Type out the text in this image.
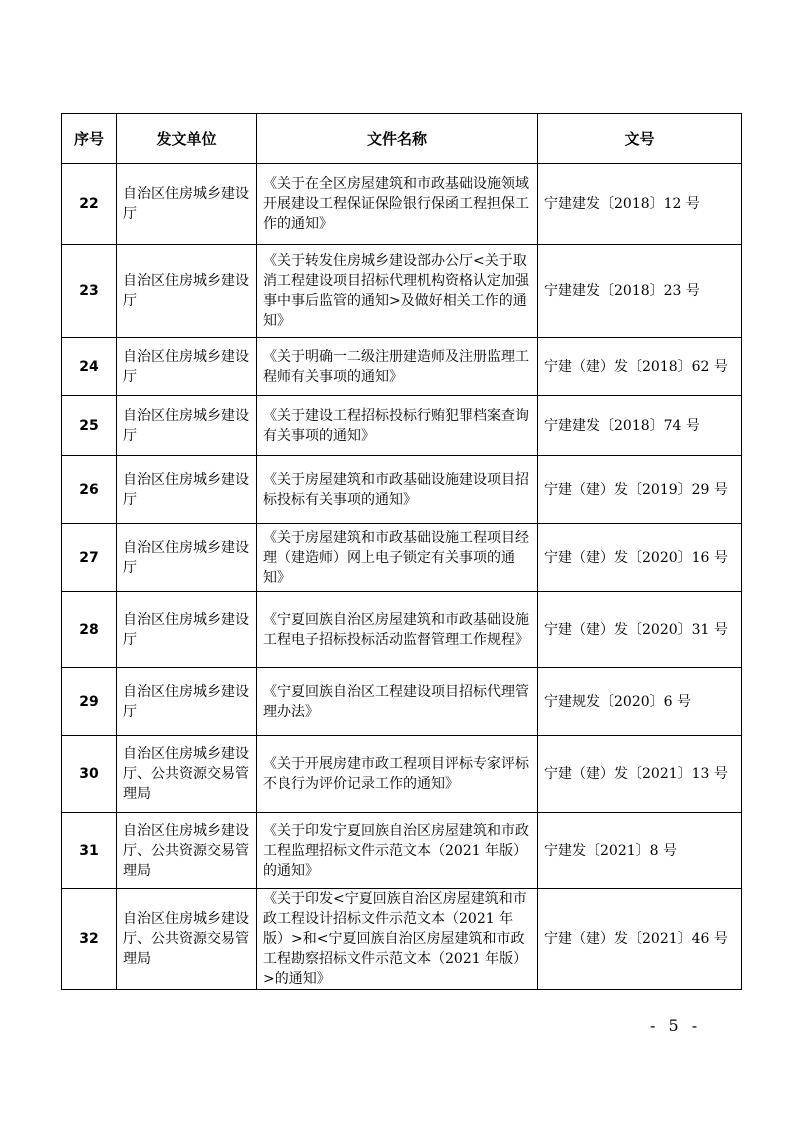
序号	发文单位	文件名称	文号
22	自治区住房城乡建设厅	《关于在全区房屋建筑和市政基础设施领域开展建设工程保证保险银行保函工程担保工作的通知》	宁建建发〔2018〕12 号
23	自治区住房城乡建设厅	《关于转发住房城乡建设部办公厅<关于取消工程建设项目招标代理机构资格认定加强事中事后监管的通知>及做好相关工作的通知》	宁建建发〔2018〕23 号
24	自治区住房城乡建设厅	《关于明确一二级注册建造师及注册监理工程师有关事项的通知》	宁建（建）发〔2018〕62 号
25	自治区住房城乡建设厅	《关于建设工程招标投标行贿犯罪档案查询有关事项的通知》	宁建建发〔2018〕74 号
26	自治区住房城乡建设厅	《关于房屋建筑和市政基础设施建设项目招标投标有关事项的通知》	宁建（建）发〔2019〕29 号
27	自治区住房城乡建设厅	《关于房屋建筑和市政基础设施工程项目经理（建造师）网上电子锁定有关事项的通知》	宁建（建）发〔2020〕16 号
28	自治区住房城乡建设厅	《宁夏回族自治区房屋建筑和市政基础设施工程电子招标投标活动监督管理工作规程》	宁建（建）发〔2020〕31 号
29	自治区住房城乡建设厅	《宁夏回族自治区工程建设项目招标代理管理办法》	宁建规发〔2020〕6 号
30	自治区住房城乡建设厅、公共资源交易管理局	《关于开展房建市政工程项目评标专家评标不良行为评价记录工作的通知》	宁建（建）发〔2021〕13 号
31	自治区住房城乡建设厅、公共资源交易管理局	《关于印发宁夏回族自治区房屋建筑和市政工程监理招标文件示范文本（2021 年版）的通知》	宁建发〔2021〕8 号
32	自治区住房城乡建设厅、公共资源交易管理局	《关于印发<宁夏回族自治区房屋建筑和市政工程设计招标文件示范文本（2021 年版）>和<宁夏回族自治区房屋建筑和市政工程勘察招标文件示范文本（2021 年版）>的通知》	宁建（建）发〔2021〕46 号
- 5 -
